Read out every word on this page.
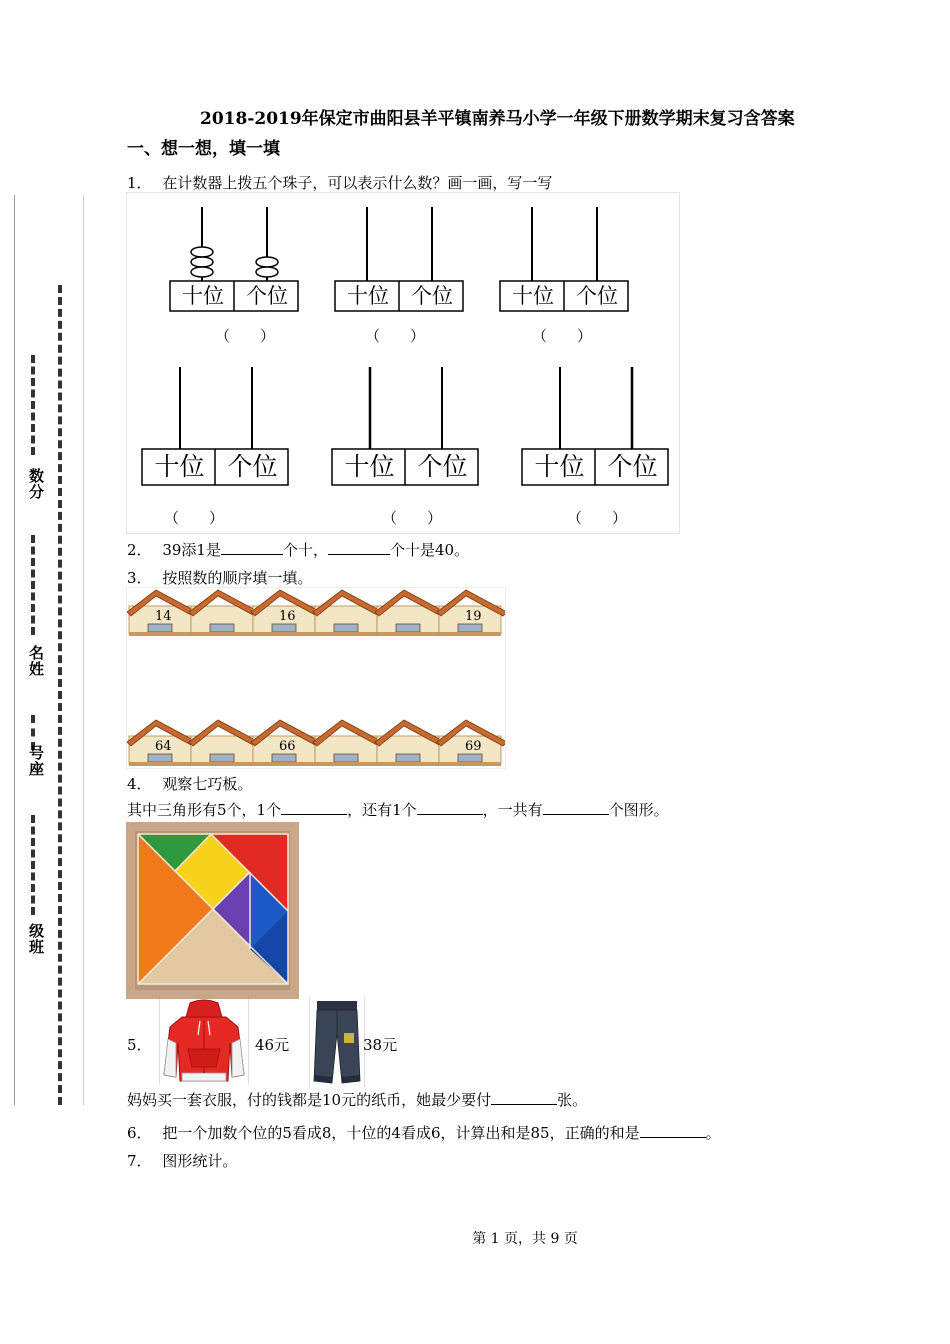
2018-2019年保定市曲阳县羊平镇南养马小学一年级下册数学期末复习含答案
一、想一想，填一填
数分
名姓
号座
级班
1． 在计数器上拨五个珠子，可以表示什么数？画一画，写一写
十位	个位	十位	个位	十位	个位
十位 个位	十位 个位	十位 个位
（　　）	（　　）	（　　）
（　　）	（　　）	（　　）
2． 39添1是	个十，	个十是40。
3． 按照数的顺序填一填。
14	16	19
64	66	69
4． 观察七巧板。
其中三角形有5个，1个	，还有1个	，一共有	个图形。
5．	46元	38元
妈妈买一套衣服，付的钱都是10元的纸币，她最少要付	张。
6． 把一个加数个位的5看成8，十位的4看成6，计算出和是85，正确的和是	。
7． 图形统计。
第 1 页，共 9 页
